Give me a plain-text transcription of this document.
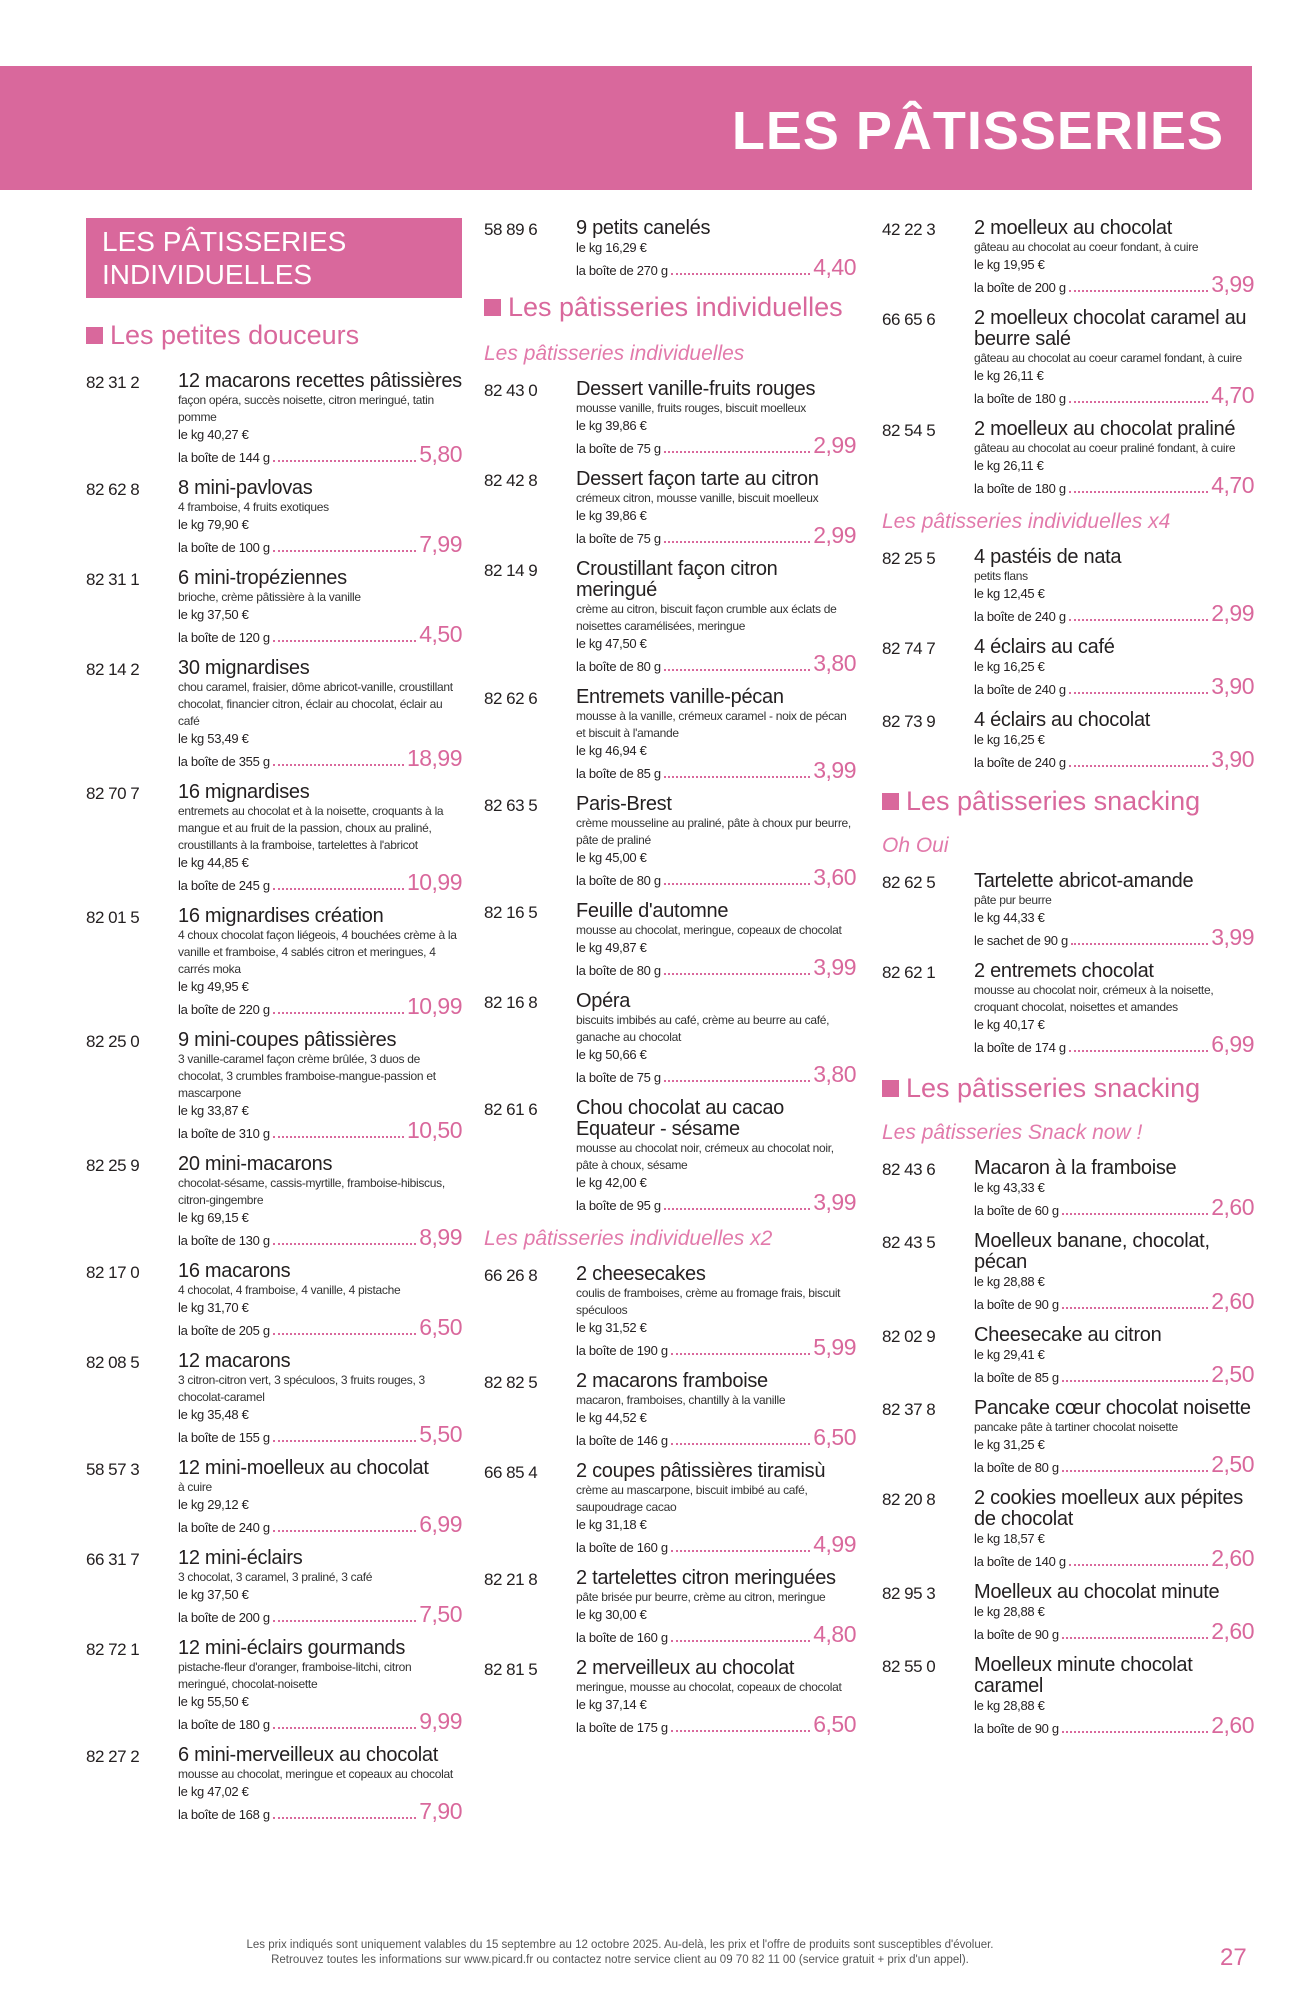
LES PÂTISSERIES
LES PÂTISSERIES INDIVIDUELLES
Les petites douceurs
82 31 2	12 macarons recettes pâtissières
façon opéra, succès noisette, citron meringué, tatin pomme
le kg 40,27 €
la boîte de 144 g	5,80
82 62 8	8 mini-pavlovas
4 framboise, 4 fruits exotiques
le kg 79,90 €
la boîte de 100 g	7,99
82 31 1	6 mini-tropéziennes
brioche, crème pâtissière à la vanille
le kg 37,50 €
la boîte de 120 g	4,50
82 14 2	30 mignardises
chou caramel, fraisier, dôme abricot-vanille, croustillant chocolat, financier citron, éclair au chocolat, éclair au café
le kg 53,49 €
la boîte de 355 g	18,99
82 70 7	16 mignardises
entremets au chocolat et à la noisette, croquants à la mangue et au fruit de la passion, choux au praliné, croustillants à la framboise, tartelettes à l'abricot
le kg 44,85 €
la boîte de 245 g	10,99
82 01 5	16 mignardises création
4 choux chocolat façon liégeois, 4 bouchées crème à la vanille et framboise, 4 sablés citron et meringues, 4 carrés moka
le kg 49,95 €
la boîte de 220 g	10,99
82 25 0	9 mini-coupes pâtissières
3 vanille-caramel façon crème brûlée, 3 duos de chocolat, 3 crumbles framboise-mangue-passion et mascarpone
le kg 33,87 €
la boîte de 310 g	10,50
82 25 9	20 mini-macarons
chocolat-sésame, cassis-myrtille, framboise-hibiscus, citron-gingembre
le kg 69,15 €
la boîte de 130 g	8,99
82 17 0	16 macarons
4 chocolat, 4 framboise, 4 vanille, 4 pistache
le kg 31,70 €
la boîte de 205 g	6,50
82 08 5	12 macarons
3 citron-citron vert, 3 spéculoos, 3 fruits rouges, 3 chocolat-caramel
le kg 35,48 €
la boîte de 155 g	5,50
58 57 3	12 mini-moelleux au chocolat
à cuire
le kg 29,12 €
la boîte de 240 g	6,99
66 31 7	12 mini-éclairs
3 chocolat, 3 caramel, 3 praliné, 3 café
le kg 37,50 €
la boîte de 200 g	7,50
82 72 1	12 mini-éclairs gourmands
pistache-fleur d'oranger, framboise-litchi, citron meringué, chocolat-noisette
le kg 55,50 €
la boîte de 180 g	9,99
82 27 2	6 mini-merveilleux au chocolat
mousse au chocolat, meringue et copeaux au chocolat
le kg 47,02 €
la boîte de 168 g	7,90
58 89 6	9 petits canelés
le kg 16,29 €
la boîte de 270 g	4,40
Les pâtisseries individuelles
Les pâtisseries individuelles
82 43 0	Dessert vanille-fruits rouges
mousse vanille, fruits rouges, biscuit moelleux
le kg 39,86 €
la boîte de 75 g	2,99
82 42 8	Dessert façon tarte au citron
crémeux citron, mousse vanille, biscuit moelleux
le kg 39,86 €
la boîte de 75 g	2,99
82 14 9	Croustillant façon citron meringué
crème au citron, biscuit façon crumble aux éclats de noisettes caramélisées, meringue
le kg 47,50 €
la boîte de 80 g	3,80
82 62 6	Entremets vanille-pécan
mousse à la vanille, crémeux caramel - noix de pécan et biscuit à l'amande
le kg 46,94 €
la boîte de 85 g	3,99
82 63 5	Paris-Brest
crème mousseline au praliné, pâte à choux pur beurre, pâte de praliné
le kg 45,00 €
la boîte de 80 g	3,60
82 16 5	Feuille d'automne
mousse au chocolat, meringue, copeaux de chocolat
le kg 49,87 €
la boîte de 80 g	3,99
82 16 8	Opéra
biscuits imbibés au café, crème au beurre au café, ganache au chocolat
le kg 50,66 €
la boîte de 75 g	3,80
82 61 6	Chou chocolat au cacao Equateur - sésame
mousse au chocolat noir, crémeux au chocolat noir, pâte à choux, sésame
le kg 42,00 €
la boîte de 95 g	3,99
Les pâtisseries individuelles x2
66 26 8	2 cheesecakes
coulis de framboises, crème au fromage frais, biscuit spéculoos
le kg 31,52 €
la boîte de 190 g	5,99
82 82 5	2 macarons framboise
macaron, framboises, chantilly à la vanille
le kg 44,52 €
la boîte de 146 g	6,50
66 85 4	2 coupes pâtissières tiramisù
crème au mascarpone, biscuit imbibé au café, saupoudrage cacao
le kg 31,18 €
la boîte de 160 g	4,99
82 21 8	2 tartelettes citron meringuées
pâte brisée pur beurre, crème au citron, meringue
le kg 30,00 €
la boîte de 160 g	4,80
82 81 5	2 merveilleux au chocolat
meringue, mousse au chocolat, copeaux de chocolat
le kg 37,14 €
la boîte de 175 g	6,50
42 22 3	2 moelleux au chocolat
gâteau au chocolat au coeur fondant, à cuire
le kg 19,95 €
la boîte de 200 g	3,99
66 65 6	2 moelleux chocolat caramel au beurre salé
gâteau au chocolat au coeur caramel fondant, à cuire
le kg 26,11 €
la boîte de 180 g	4,70
82 54 5	2 moelleux au chocolat praliné
gâteau au chocolat au coeur praliné fondant, à cuire
le kg 26,11 €
la boîte de 180 g	4,70
Les pâtisseries individuelles x4
82 25 5	4 pastéis de nata
petits flans
le kg 12,45 €
la boîte de 240 g	2,99
82 74 7	4 éclairs au café
le kg 16,25 €
la boîte de 240 g	3,90
82 73 9	4 éclairs au chocolat
le kg 16,25 €
la boîte de 240 g	3,90
Les pâtisseries snacking
Oh Oui
82 62 5	Tartelette abricot-amande
pâte pur beurre
le kg 44,33 €
le sachet de 90 g	3,99
82 62 1	2 entremets chocolat
mousse au chocolat noir, crémeux à la noisette, croquant chocolat, noisettes et amandes
le kg 40,17 €
la boîte de 174 g	6,99
Les pâtisseries snacking
Les pâtisseries Snack now !
82 43 6	Macaron à la framboise
le kg 43,33 €
la boîte de 60 g	2,60
82 43 5	Moelleux banane, chocolat, pécan
le kg 28,88 €
la boîte de 90 g	2,60
82 02 9	Cheesecake au citron
le kg 29,41 €
la boîte de 85 g	2,50
82 37 8	Pancake cœur chocolat noisette
pancake pâte à tartiner chocolat noisette
le kg 31,25 €
la boîte de 80 g	2,50
82 20 8	2 cookies moelleux aux pépites de chocolat
le kg 18,57 €
la boîte de 140 g	2,60
82 95 3	Moelleux au chocolat minute
le kg 28,88 €
la boîte de 90 g	2,60
82 55 0	Moelleux minute chocolat caramel
le kg 28,88 €
la boîte de 90 g	2,60
Les prix indiqués sont uniquement valables du 15 septembre au 12 octobre 2025. Au-delà, les prix et l'offre de produits sont susceptibles d'évoluer.
Retrouvez toutes les informations sur www.picard.fr ou contactez notre service client au 09 70 82 11 00 (service gratuit + prix d'un appel).	27
